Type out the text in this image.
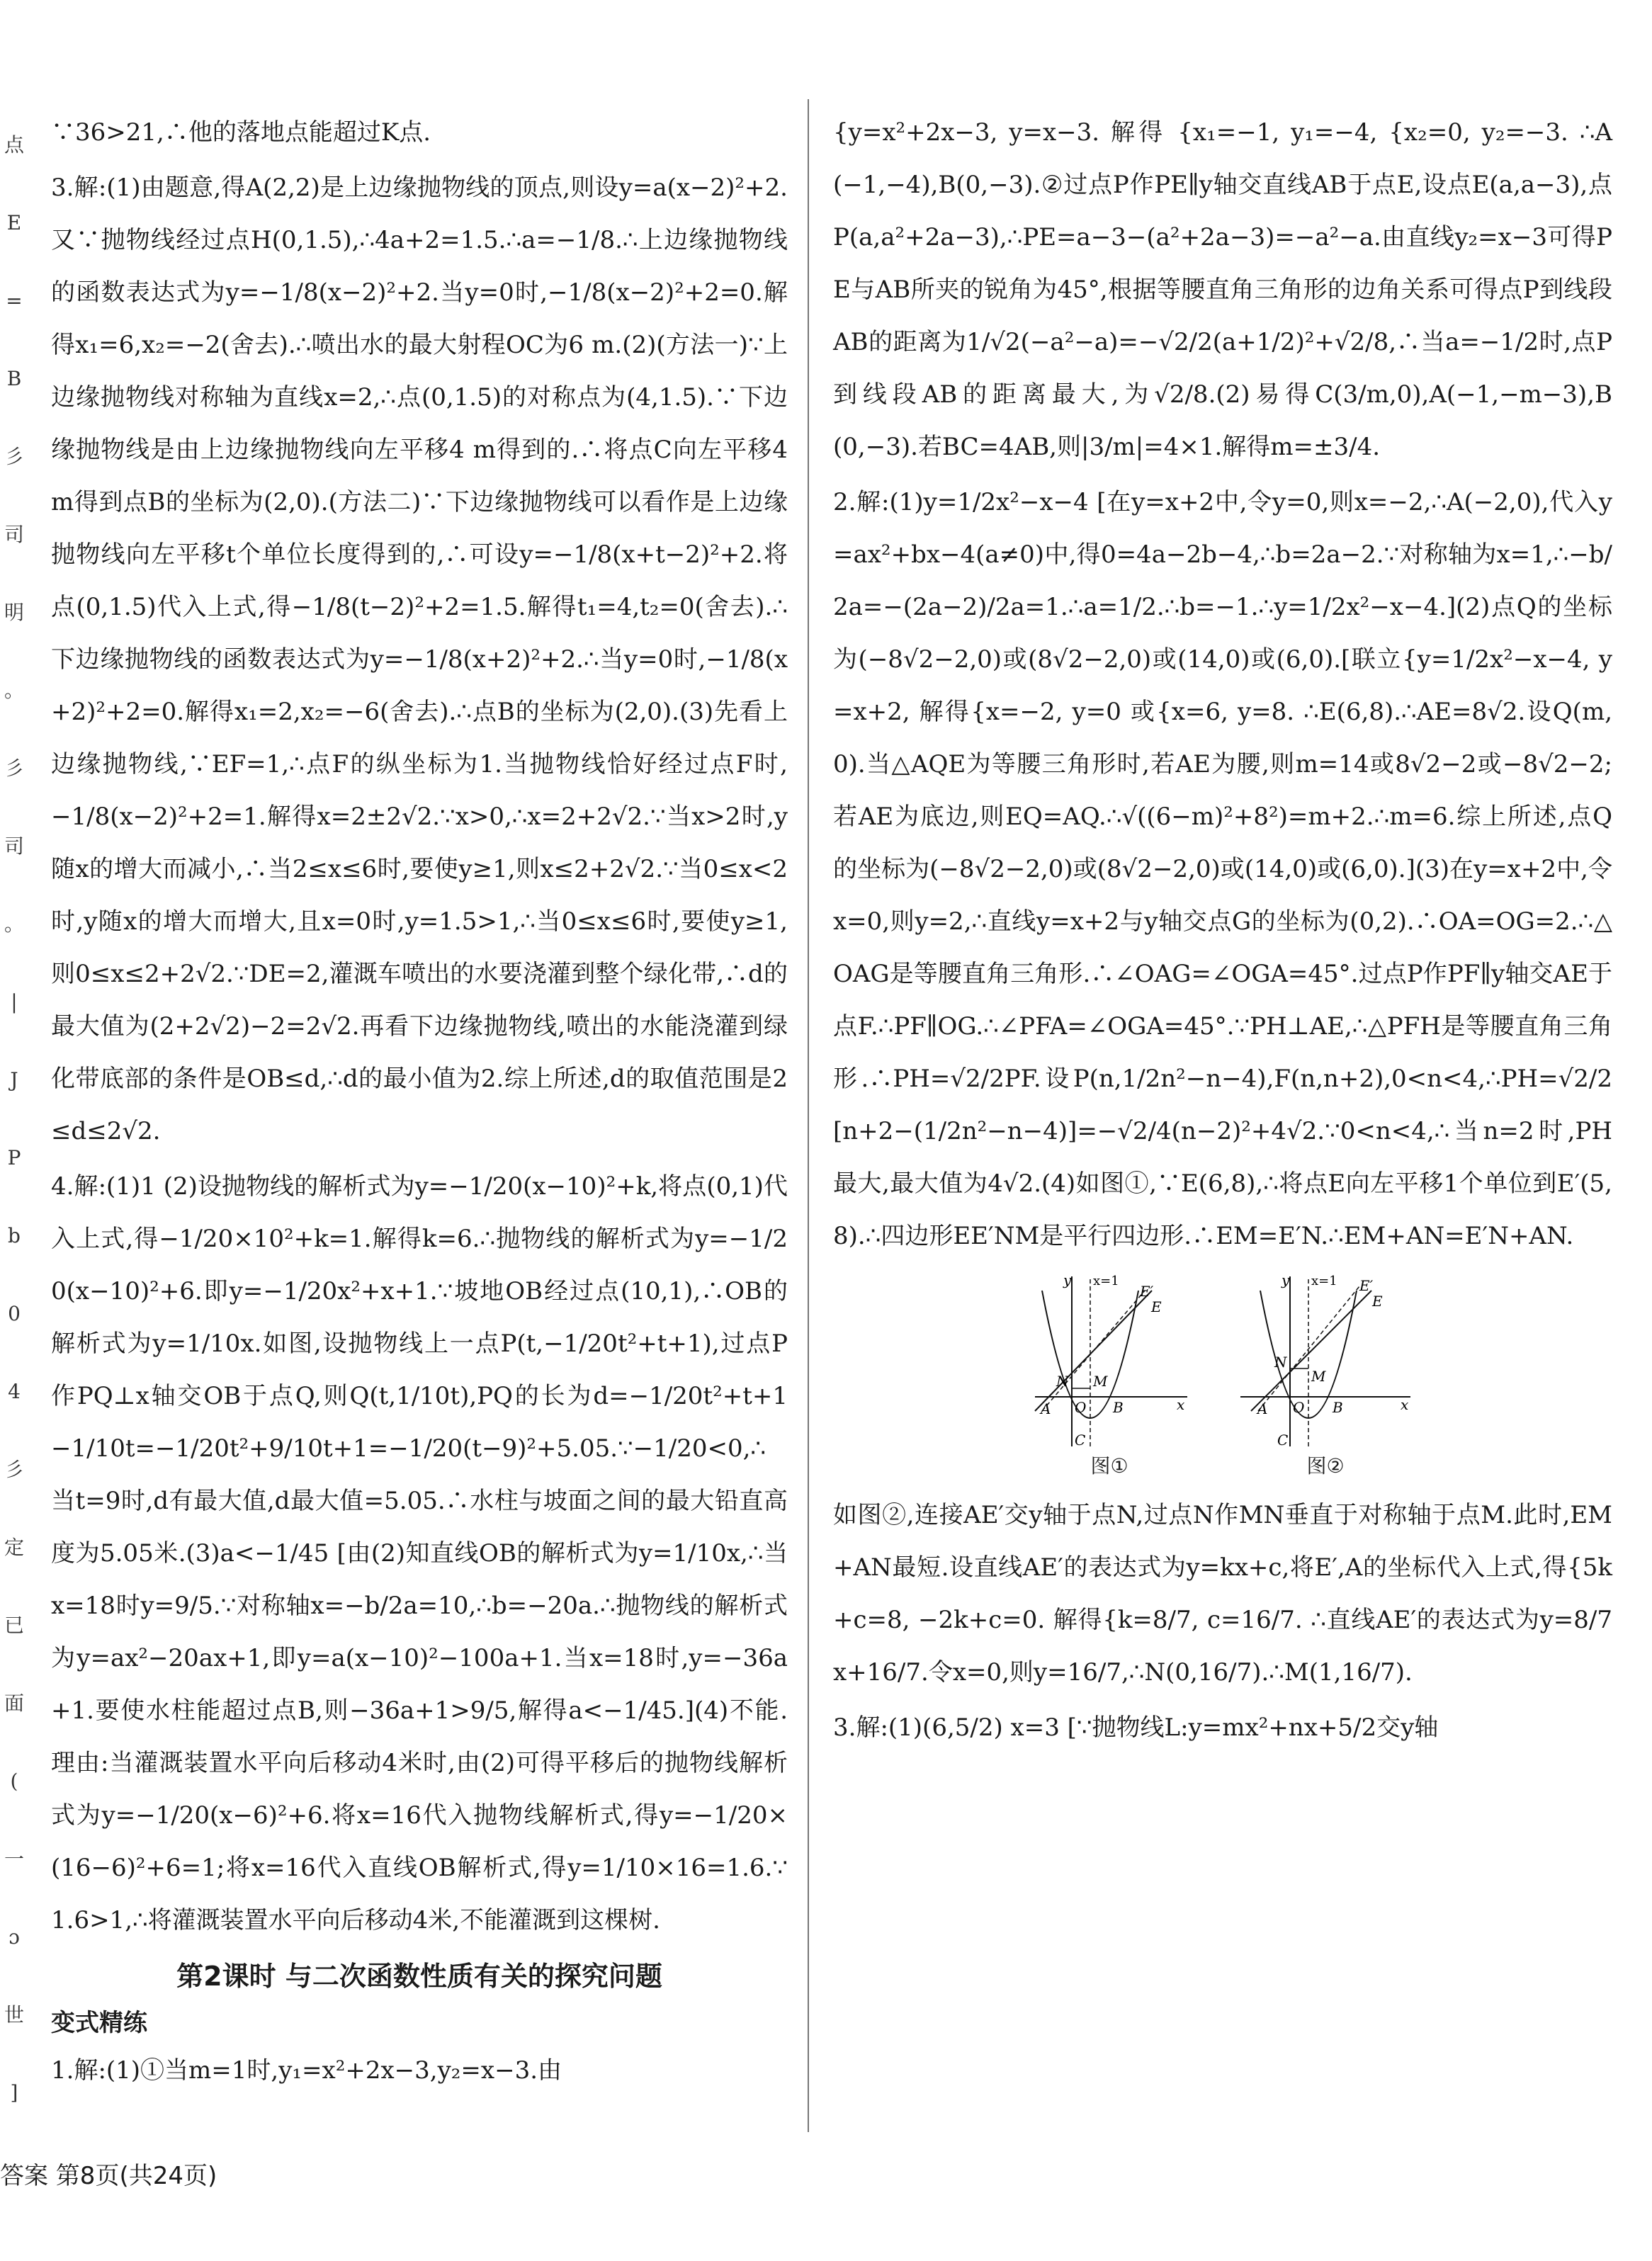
点
E
=
B
彡
司
明
。
彡
司
。
|
J
P
b
0
4
彡
定
已
面
(
一
ɔ
世
]

∵36>21,∴他的落地点能超过K点.

3.解:(1)由题意,得A(2,2)是上边缘抛物线的顶点,则设y=a(x−2)²+2.又∵抛物线经过点H(0,1.5),∴4a+2=1.5.∴a=−1/8.∴上边缘抛物线的函数表达式为y=−1/8(x−2)²+2.当y=0时,−1/8(x−2)²+2=0.解得x₁=6,x₂=−2(舍去).∴喷出水的最大射程OC为6 m.(2)(方法一)∵上边缘抛物线对称轴为直线x=2,∴点(0,1.5)的对称点为(4,1.5).∵下边缘抛物线是由上边缘抛物线向左平移4 m得到的.∴将点C向左平移4 m得到点B的坐标为(2,0).(方法二)∵下边缘抛物线可以看作是上边缘抛物线向左平移t个单位长度得到的,∴可设y=−1/8(x+t−2)²+2.将点(0,1.5)代入上式,得−1/8(t−2)²+2=1.5.解得t₁=4,t₂=0(舍去).∴下边缘抛物线的函数表达式为y=−1/8(x+2)²+2.∴当y=0时,−1/8(x+2)²+2=0.解得x₁=2,x₂=−6(舍去).∴点B的坐标为(2,0).(3)先看上边缘抛物线,∵EF=1,∴点F的纵坐标为1.当抛物线恰好经过点F时,−1/8(x−2)²+2=1.解得x=2±2√2.∵x>0,∴x=2+2√2.∵当x>2时,y随x的增大而减小,∴当2≤x≤6时,要使y≥1,则x≤2+2√2.∵当0≤x<2时,y随x的增大而增大,且x=0时,y=1.5>1,∴当0≤x≤6时,要使y≥1,则0≤x≤2+2√2.∵DE=2,灌溉车喷出的水要浇灌到整个绿化带,∴d的最大值为(2+2√2)−2=2√2.再看下边缘抛物线,喷出的水能浇灌到绿化带底部的条件是OB≤d,∴d的最小值为2.综上所述,d的取值范围是2≤d≤2√2.

4.解:(1)1 (2)设抛物线的解析式为y=−1/20(x−10)²+k,将点(0,1)代入上式,得−1/20×10²+k=1.解得k=6.∴抛物线的解析式为y=−1/20(x−10)²+6.即y=−1/20x²+x+1.∵坡地OB经过点(10,1),∴OB的解析式为y=1/10x.如图,设抛物线上一点P(t,−1/20t²+t+1),过点P作PQ⊥x轴交OB于点Q,则Q(t,1/10t),PQ的长为d=−1/20t²+t+1−1/10t=−1/20t²+9/10t+1=−1/20(t−9)²+5.05.∵−1/20<0,∴当t=9时,d有最大值,d最大值=5.05.∴水柱与坡面之间的最大铅直高度为5.05米.(3)a<−1/45 [由(2)知直线OB的解析式为y=1/10x,∴当x=18时y=9/5.∵对称轴x=−b/2a=10,∴b=−20a.∴抛物线的解析式为y=ax²−20ax+1,即y=a(x−10)²−100a+1.当x=18时,y=−36a+1.要使水柱能超过点B,则−36a+1>9/5,解得a<−1/45.](4)不能.理由:当灌溉装置水平向后移动4米时,由(2)可得平移后的抛物线解析式为y=−1/20(x−6)²+6.将x=16代入抛物线解析式,得y=−1/20×(16−6)²+6=1;将x=16代入直线OB解析式,得y=1/10×16=1.6.∵1.6>1,∴将灌溉装置水平向后移动4米,不能灌溉到这棵树.

第2课时 与二次函数性质有关的探究问题
变式精练

1.解:(1)①当m=1时,y₁=x²+2x−3,y₂=x−3.由

{y=x²+2x−3, y=x−3. 解得 {x₁=−1, y₁=−4, {x₂=0, y₂=−3. ∴A(−1,−4),B(0,−3).②过点P作PE∥y轴交直线AB于点E,设点E(a,a−3),点P(a,a²+2a−3),∴PE=a−3−(a²+2a−3)=−a²−a.由直线y₂=x−3可得PE与AB所夹的锐角为45°,根据等腰直角三角形的边角关系可得点P到线段AB的距离为1/√2(−a²−a)=−√2/2(a+1/2)²+√2/8,∴当a=−1/2时,点P到线段AB的距离最大,为√2/8.(2)易得C(3/m,0),A(−1,−m−3),B(0,−3).若BC=4AB,则|3/m|=4×1.解得m=±3/4.

2.解:(1)y=1/2x²−x−4 [在y=x+2中,令y=0,则x=−2,∴A(−2,0),代入y=ax²+bx−4(a≠0)中,得0=4a−2b−4,∴b=2a−2.∵对称轴为x=1,∴−b/2a=−(2a−2)/2a=1.∴a=1/2.∴b=−1.∴y=1/2x²−x−4.](2)点Q的坐标为(−8√2−2,0)或(8√2−2,0)或(14,0)或(6,0).[联立{y=1/2x²−x−4, y=x+2, 解得{x=−2, y=0 或{x=6, y=8. ∴E(6,8).∴AE=8√2.设Q(m,0).当△AQE为等腰三角形时,若AE为腰,则m=14或8√2−2或−8√2−2;若AE为底边,则EQ=AQ.∴√((6−m)²+8²)=m+2.∴m=6.综上所述,点Q的坐标为(−8√2−2,0)或(8√2−2,0)或(14,0)或(6,0).](3)在y=x+2中,令x=0,则y=2,∴直线y=x+2与y轴交点G的坐标为(0,2).∴OA=OG=2.∴△OAG是等腰直角三角形.∴∠OAG=∠OGA=45°.过点P作PF∥y轴交AE于点F.∴PF∥OG.∴∠PFA=∠OGA=45°.∵PH⊥AE,∴△PFH是等腰直角三角形.∴PH=√2/2PF.设P(n,1/2n²−n−4),F(n,n+2),0<n<4,∴PH=√2/2[n+2−(1/2n²−n−4)]=−√2/4(n−2)²+4√2.∵0<n<4,∴当n=2时,PH最大,最大值为4√2.(4)如图①,∵E(6,8),∴将点E向左平移1个单位到E′(5,8).∴四边形EE′NM是平行四边形.∴EM=E′N.∴EM+AN=E′N+AN.

y
x
x=1
E′
E
A O B
C
M
N
图①
y
x
x=1 E′
E
A O B
C
M
N
图②

如图②,连接AE′交y轴于点N,过点N作MN垂直于对称轴于点M.此时,EM+AN最短.设直线AE′的表达式为y=kx+c,将E′,A的坐标代入上式,得{5k+c=8, −2k+c=0. 解得{k=8/7, c=16/7. ∴直线AE′的表达式为y=8/7x+16/7.令x=0,则y=16/7,∴N(0,16/7).∴M(1,16/7).

3.解:(1)(6,5/2) x=3 [∵抛物线L:y=mx²+nx+5/2交y轴

答案 第8页(共24页)
